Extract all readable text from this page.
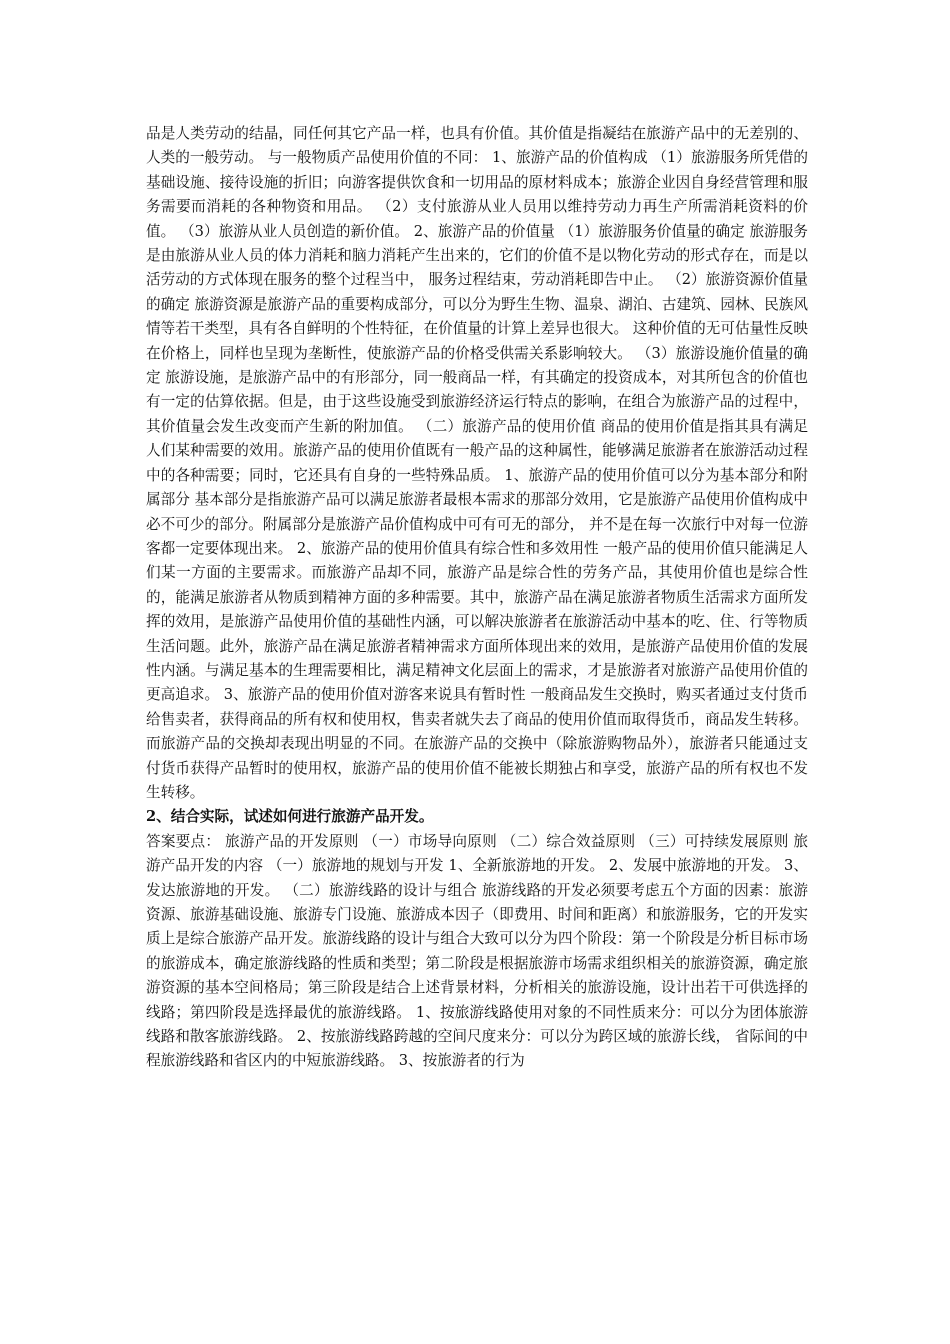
品是人类劳动的结晶，同任何其它产品一样，也具有价值。其价值是指凝结在旅游产品中的无差别的、人类的一般劳动。 与一般物质产品使用价值的不同： 1、旅游产品的价值构成 （1）旅游服务所凭借的基础设施、接待设施的折旧；向游客提供饮食和一切用品的原材料成本；旅游企业因自身经营管理和服务需要而消耗的各种物资和用品。 （2）支付旅游从业人员用以维持劳动力再生产所需消耗资料的价值。 （3）旅游从业人员创造的新价值。 2、旅游产品的价值量 （1）旅游服务价值量的确定 旅游服务是由旅游从业人员的体力消耗和脑力消耗产生出来的，它们的价值不是以物化劳动的形式存在，而是以活劳动的方式体现在服务的整个过程当中， 服务过程结束，劳动消耗即告中止。 （2）旅游资源价值量的确定 旅游资源是旅游产品的重要构成部分，可以分为野生生物、温泉、湖泊、古建筑、园林、民族风情等若干类型，具有各自鲜明的个性特征，在价值量的计算上差异也很大。 这种价值的无可估量性反映在价格上，同样也呈现为垄断性，使旅游产品的价格受供需关系影响较大。 （3）旅游设施价值量的确定 旅游设施，是旅游产品中的有形部分，同一般商品一样，有其确定的投资成本，对其所包含的价值也有一定的估算依据。但是，由于这些设施受到旅游经济运行特点的影响，在组合为旅游产品的过程中，其价值量会发生改变而产生新的附加值。 （二）旅游产品的使用价值 商品的使用价值是指其具有满足人们某种需要的效用。旅游产品的使用价值既有一般产品的这种属性，能够满足旅游者在旅游活动过程中的各种需要；同时，它还具有自身的一些特殊品质。 1、旅游产品的使用价值可以分为基本部分和附属部分 基本部分是指旅游产品可以满足旅游者最根本需求的那部分效用，它是旅游产品使用价值构成中必不可少的部分。附属部分是旅游产品价值构成中可有可无的部分， 并不是在每一次旅行中对每一位游客都一定要体现出来。 2、旅游产品的使用价值具有综合性和多效用性 一般产品的使用价值只能满足人们某一方面的主要需求。而旅游产品却不同，旅游产品是综合性的劳务产品，其使用价值也是综合性的，能满足旅游者从物质到精神方面的多种需要。其中，旅游产品在满足旅游者物质生活需求方面所发挥的效用，是旅游产品使用价值的基础性内涵，可以解决旅游者在旅游活动中基本的吃、住、行等物质生活问题。此外，旅游产品在满足旅游者精神需求方面所体现出来的效用，是旅游产品使用价值的发展性内涵。与满足基本的生理需要相比，满足精神文化层面上的需求，才是旅游者对旅游产品使用价值的更高追求。 3、旅游产品的使用价值对游客来说具有暂时性 一般商品发生交换时，购买者通过支付货币给售卖者，获得商品的所有权和使用权，售卖者就失去了商品的使用价值而取得货币，商品发生转移。而旅游产品的交换却表现出明显的不同。在旅游产品的交换中（除旅游购物品外），旅游者只能通过支付货币获得产品暂时的使用权，旅游产品的使用价值不能被长期独占和享受，旅游产品的所有权也不发生转移。

2、结合实际，试述如何进行旅游产品开发。

答案要点： 旅游产品的开发原则 （一）市场导向原则 （二）综合效益原则 （三）可持续发展原则 旅游产品开发的内容 （一）旅游地的规划与开发 1、全新旅游地的开发。 2、发展中旅游地的开发。 3、发达旅游地的开发。 （二）旅游线路的设计与组合 旅游线路的开发必须要考虑五个方面的因素：旅游资源、旅游基础设施、旅游专门设施、旅游成本因子（即费用、时间和距离）和旅游服务，它的开发实质上是综合旅游产品开发。旅游线路的设计与组合大致可以分为四个阶段：第一个阶段是分析目标市场的旅游成本，确定旅游线路的性质和类型；第二阶段是根据旅游市场需求组织相关的旅游资源，确定旅游资源的基本空间格局；第三阶段是结合上述背景材料，分析相关的旅游设施，设计出若干可供选择的线路；第四阶段是选择最优的旅游线路。 1、按旅游线路使用对象的不同性质来分：可以分为团体旅游线路和散客旅游线路。 2、按旅游线路跨越的空间尺度来分：可以分为跨区域的旅游长线， 省际间的中程旅游线路和省区内的中短旅游线路。 3、按旅游者的行为
